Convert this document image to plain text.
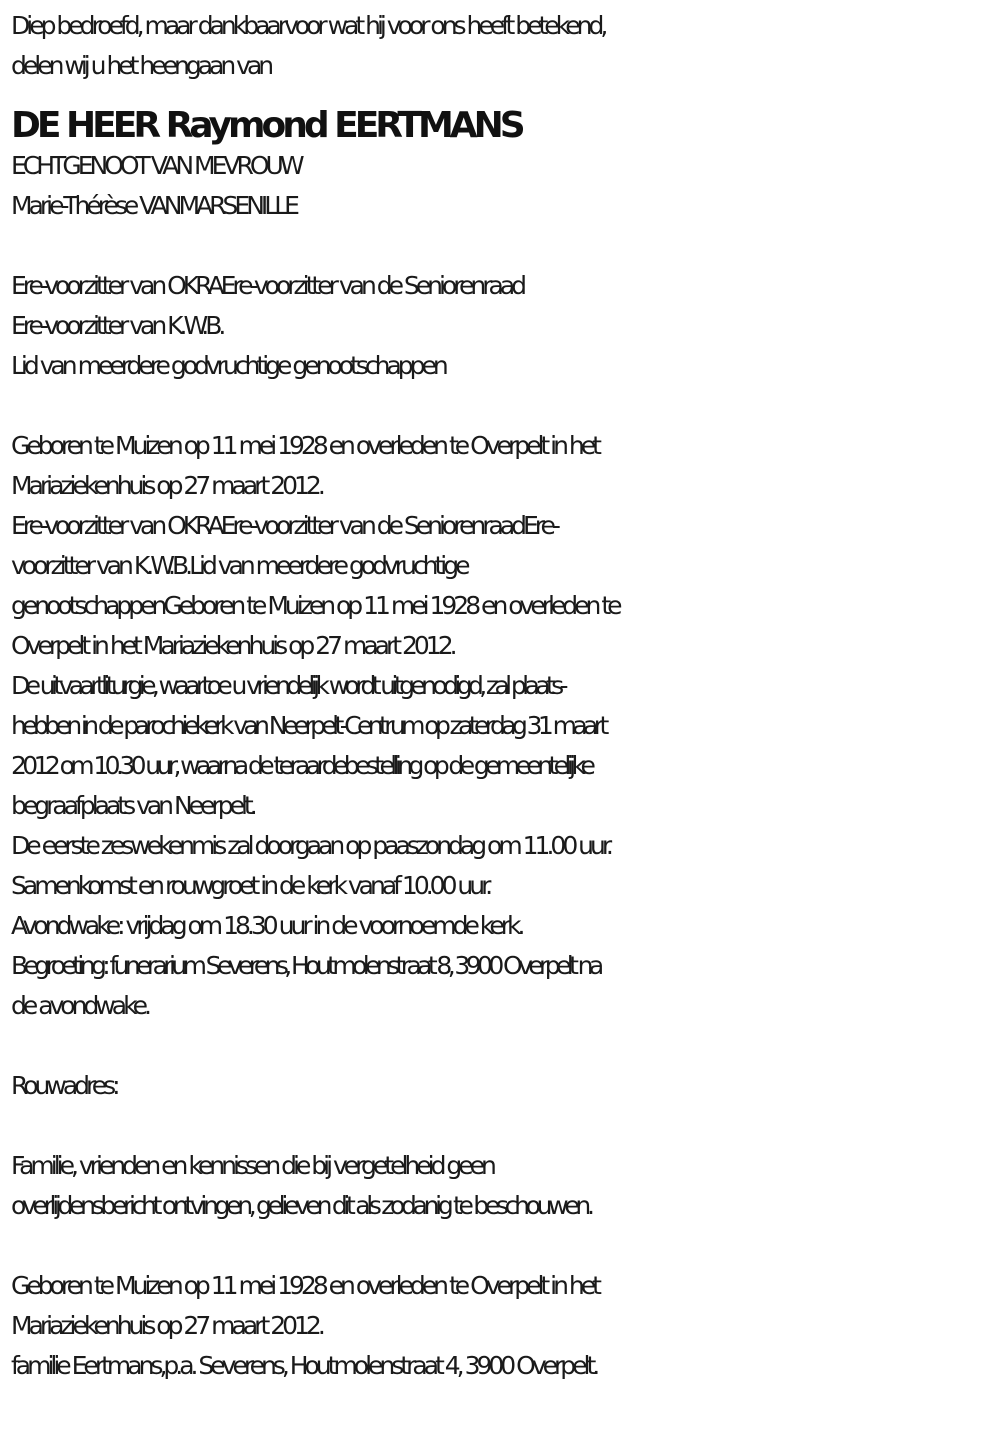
Diep bedroefd, maar dankbaarvoor wat hij voor ons heeft betekend,
delen wij u het heengaan van
DE HEER Raymond EERTMANS
ECHTGENOOT VAN MEVROUW
Marie-Thérèse VANMARSENILLE
Ere-voorzitter van OKRAEre-voorzitter van de Seniorenraad
Ere-voorzitter van K.W.B.
Lid van meerdere godvruchtige genootschappen
Geboren te Muizen op 11 mei 1928 en overleden te Overpelt in het
Mariaziekenhuis op 27 maart 2012.
Ere-voorzitter van OKRAEre-voorzitter van de SeniorenraadEre-
voorzitter van K.W.B.Lid van meerdere godvruchtige
genootschappenGeboren te Muizen op 11 mei 1928 en overleden te
Overpelt in het Mariaziekenhuis op 27 maart 2012.
De uitvaartliturgie, waartoe u vriendelijk wordt uitgenodigd, zal plaats-
hebben in de parochiekerk van Neerpelt-Centrum op zaterdag 31 maart
2012 om 10.30 uur, waarna de teraardebestelling op de gemeentelijke
begraafplaats van Neerpelt.
De eerste zeswekenmis zal doorgaan op paaszondag om 11.00 uur.
Samenkomst en rouwgroet in de kerk vanaf 10.00 uur.
Avondwake: vrijdag om 18.30 uur in de voornoemde kerk.
Begroeting: funerarium Severens, Houtmolenstraat 8, 3900 Overpelt na
de avondwake.
Rouwadres:
Familie, vrienden en kennissen die bij vergetelheid geen
overlijdensbericht ontvingen, gelieven dit als zodanig te beschouwen.
Geboren te Muizen op 11 mei 1928 en overleden te Overpelt in het
Mariaziekenhuis op 27 maart 2012.
familie Eertmans,p.a. Severens, Houtmolenstraat 4, 3900 Overpelt.
